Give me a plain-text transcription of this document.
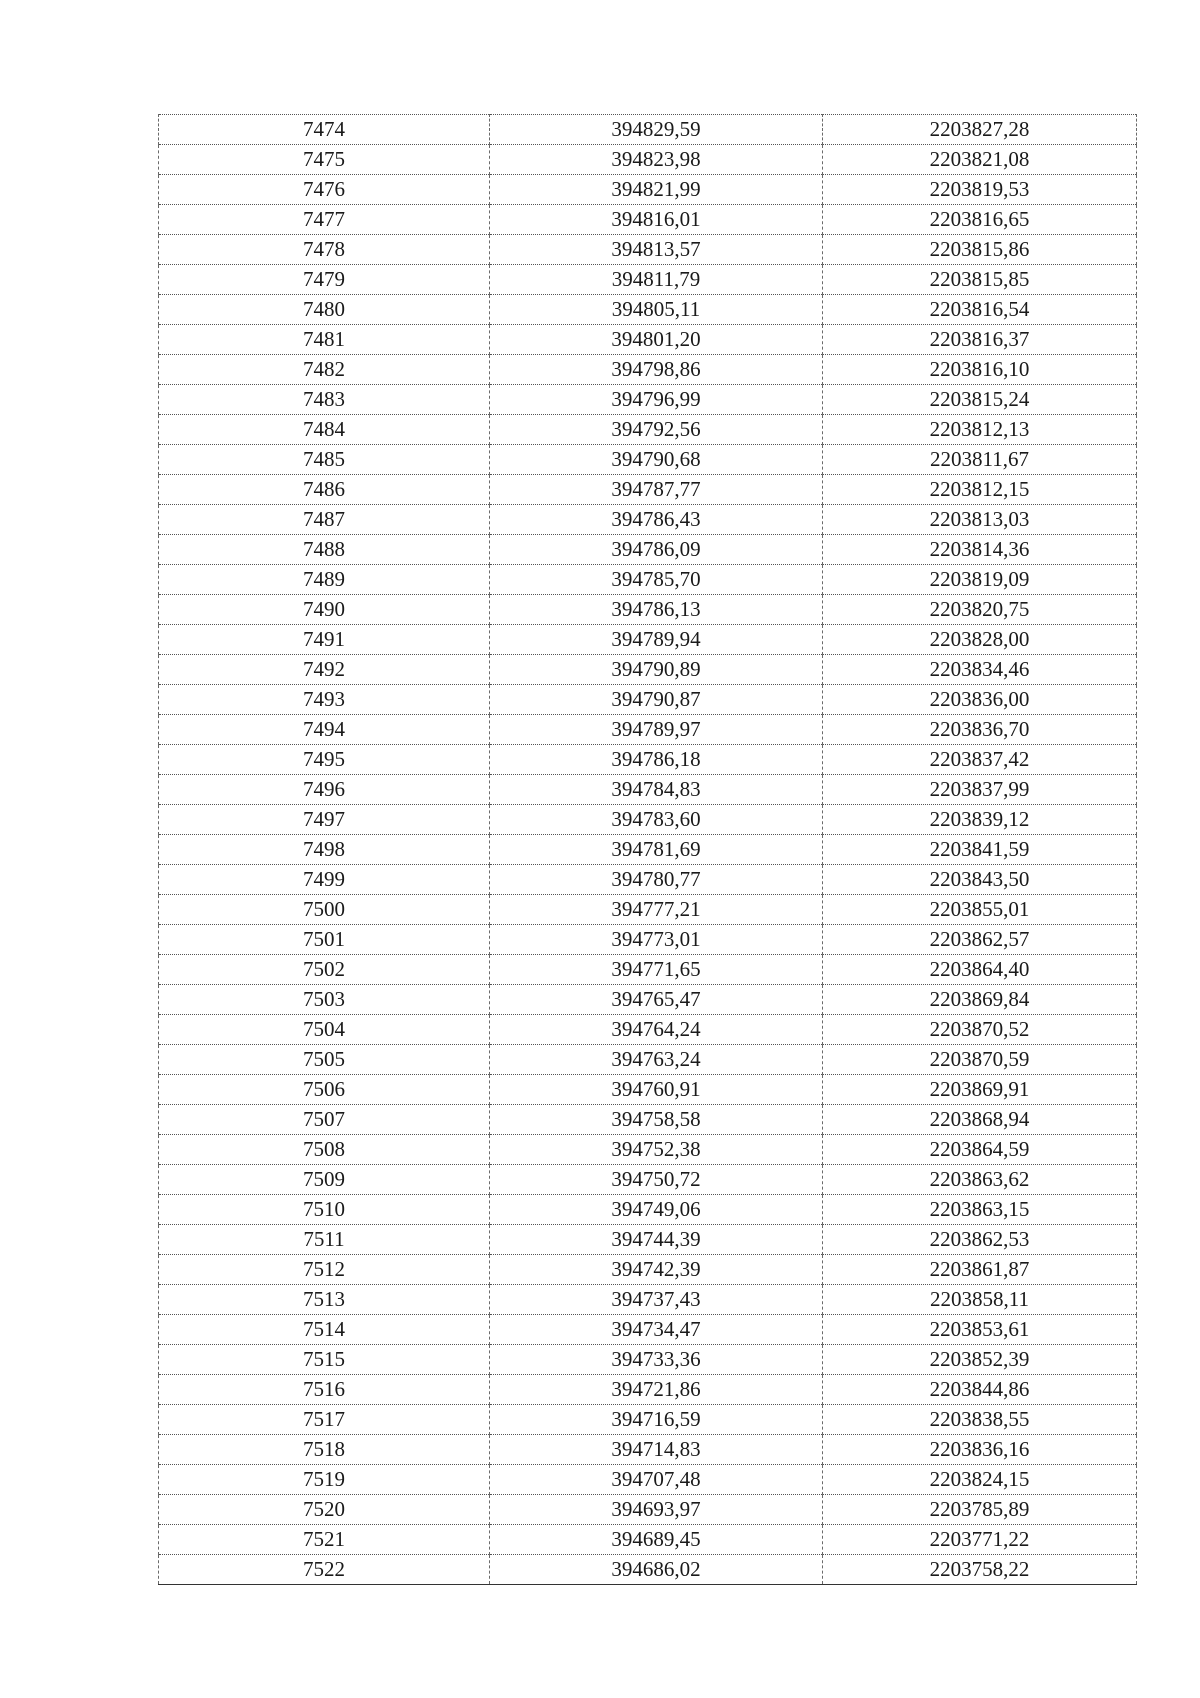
7474	394829,59	2203827,28
7475	394823,98	2203821,08
7476	394821,99	2203819,53
7477	394816,01	2203816,65
7478	394813,57	2203815,86
7479	394811,79	2203815,85
7480	394805,11	2203816,54
7481	394801,20	2203816,37
7482	394798,86	2203816,10
7483	394796,99	2203815,24
7484	394792,56	2203812,13
7485	394790,68	2203811,67
7486	394787,77	2203812,15
7487	394786,43	2203813,03
7488	394786,09	2203814,36
7489	394785,70	2203819,09
7490	394786,13	2203820,75
7491	394789,94	2203828,00
7492	394790,89	2203834,46
7493	394790,87	2203836,00
7494	394789,97	2203836,70
7495	394786,18	2203837,42
7496	394784,83	2203837,99
7497	394783,60	2203839,12
7498	394781,69	2203841,59
7499	394780,77	2203843,50
7500	394777,21	2203855,01
7501	394773,01	2203862,57
7502	394771,65	2203864,40
7503	394765,47	2203869,84
7504	394764,24	2203870,52
7505	394763,24	2203870,59
7506	394760,91	2203869,91
7507	394758,58	2203868,94
7508	394752,38	2203864,59
7509	394750,72	2203863,62
7510	394749,06	2203863,15
7511	394744,39	2203862,53
7512	394742,39	2203861,87
7513	394737,43	2203858,11
7514	394734,47	2203853,61
7515	394733,36	2203852,39
7516	394721,86	2203844,86
7517	394716,59	2203838,55
7518	394714,83	2203836,16
7519	394707,48	2203824,15
7520	394693,97	2203785,89
7521	394689,45	2203771,22
7522	394686,02	2203758,22
